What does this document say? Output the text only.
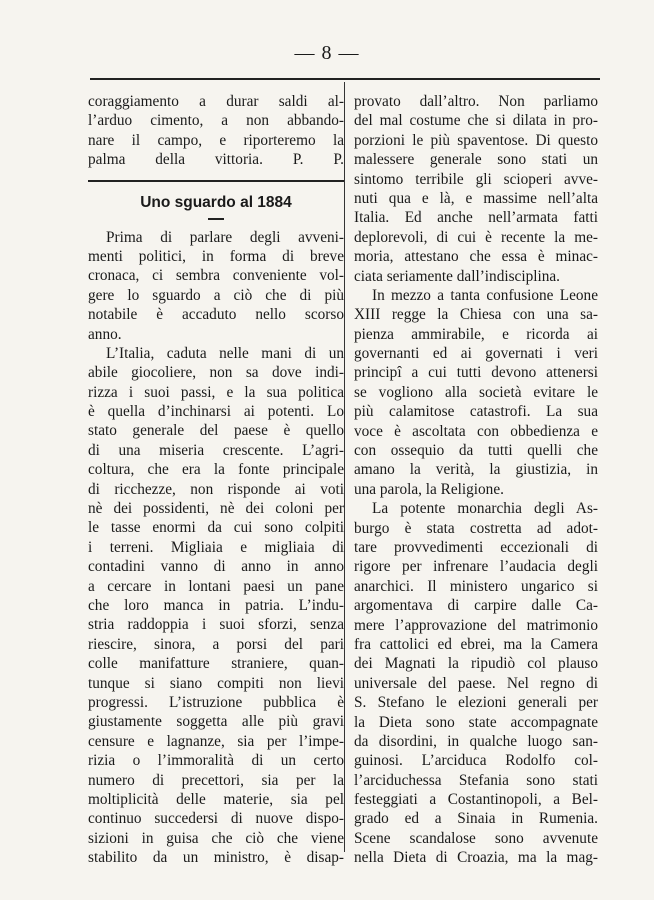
— 8 —
coraggiamento a durar saldi al-
l’arduo cimento, a non abbando-
nare il campo, e riporteremo la
palma della vittoria. P. P.
Uno sguardo al 1884
Prima di parlare degli avveni-
menti politici, in forma di breve
cronaca, ci sembra conveniente vol-
gere lo sguardo a ciò che di più
notabile è accaduto nello scorso
anno.
L’Italia, caduta nelle mani di un
abile giocoliere, non sa dove indi-
rizza i suoi passi, e la sua politica
è quella d’inchinarsi ai potenti. Lo
stato generale del paese è quello
di una miseria crescente. L’agri-
coltura, che era la fonte principale
di ricchezze, non risponde ai voti
nè dei possidenti, nè dei coloni per
le tasse enormi da cui sono colpiti
i terreni. Migliaia e migliaia di
contadini vanno di anno in anno
a cercare in lontani paesi un pane
che loro manca in patria. L’indu-
stria raddoppia i suoi sforzi, senza
riescire, sinora, a porsi del pari
colle manifatture straniere, quan-
tunque si siano compiti non lievi
progressi. L’istruzione pubblica è
giustamente soggetta alle più gravi
censure e lagnanze, sia per l’impe-
rizia o l’immoralità di un certo
numero di precettori, sia per la
moltiplicità delle materie, sia pel
continuo succedersi di nuove dispo-
sizioni in guisa che ciò che viene
stabilito da un ministro, è disap-
provato dall’altro. Non parliamo
del mal costume che si dilata in pro-
porzioni le più spaventose. Di questo
malessere generale sono stati un
sintomo terribile gli scioperi avve-
nuti qua e là, e massime nell’alta
Italia. Ed anche nell’armata fatti
deplorevoli, di cui è recente la me-
moria, attestano che essa è minac-
ciata seriamente dall’indisciplina.
In mezzo a tanta confusione Leone
XIII regge la Chiesa con una sa-
pienza ammirabile, e ricorda ai
governanti ed ai governati i veri
principî a cui tutti devono attenersi
se vogliono alla società evitare le
più calamitose catastrofi. La sua
voce è ascoltata con obbedienza e
con ossequio da tutti quelli che
amano la verità, la giustizia, in
una parola, la Religione.
La potente monarchia degli As-
burgo è stata costretta ad adot-
tare provvedimenti eccezionali di
rigore per infrenare l’audacia degli
anarchici. Il ministero ungarico si
argomentava di carpire dalle Ca-
mere l’approvazione del matrimonio
fra cattolici ed ebrei, ma la Camera
dei Magnati la ripudiò col plauso
universale del paese. Nel regno di
S. Stefano le elezioni generali per
la Dieta sono state accompagnate
da disordini, in qualche luogo san-
guinosi. L’arciduca Rodolfo col-
l’arciduchessa Stefania sono stati
festeggiati a Costantinopoli, a Bel-
grado ed a Sinaia in Rumenia.
Scene scandalose sono avvenute
nella Dieta di Croazia, ma la mag-
